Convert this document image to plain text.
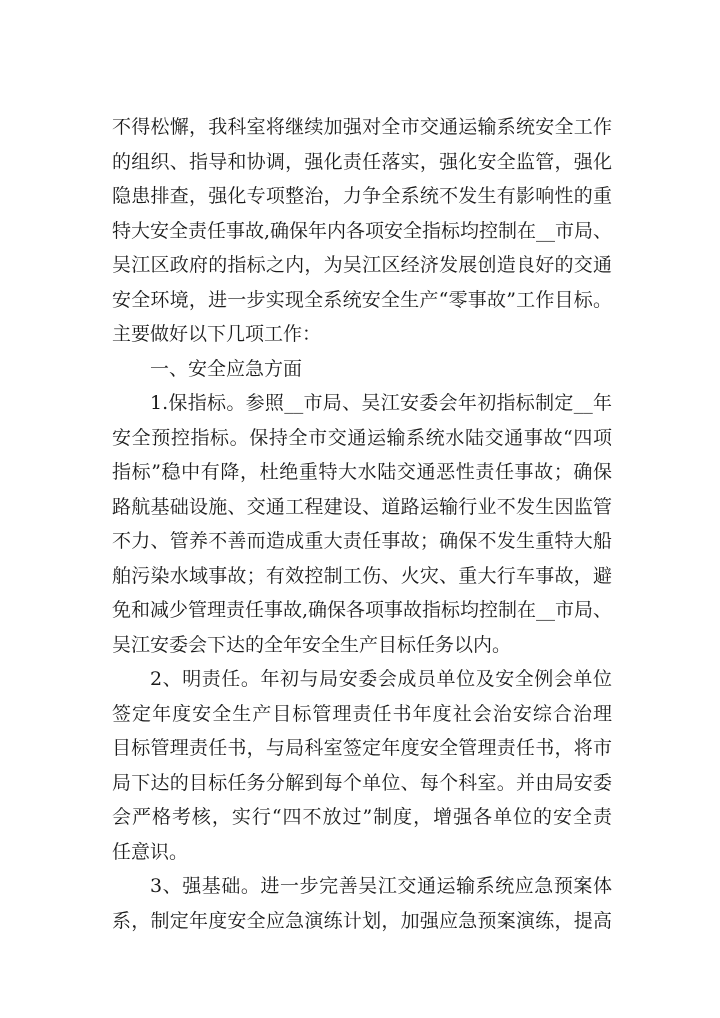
不得松懈，我科室将继续加强对全市交通运输系统安全工作
的组织、指导和协调，强化责任落实，强化安全监管，强化
隐患排查，强化专项整治，力争全系统不发生有影响性的重
特大安全责任事故,确保年内各项安全指标均控制在__市局、
吴江区政府的指标之内，为吴江区经济发展创造良好的交通
安全环境，进一步实现全系统安全生产“零事故”工作目标。
主要做好以下几项工作：
一、安全应急方面
1.保指标。参照__市局、吴江安委会年初指标制定__年
安全预控指标。保持全市交通运输系统水陆交通事故“四项
指标”稳中有降，杜绝重特大水陆交通恶性责任事故；确保
路航基础设施、交通工程建设、道路运输行业不发生因监管
不力、管养不善而造成重大责任事故；确保不发生重特大船
舶污染水域事故；有效控制工伤、火灾、重大行车事故，避
免和减少管理责任事故,确保各项事故指标均控制在__市局、
吴江安委会下达的全年安全生产目标任务以内。
2、明责任。年初与局安委会成员单位及安全例会单位
签定年度安全生产目标管理责任书年度社会治安综合治理
目标管理责任书，与局科室签定年度安全管理责任书，将市
局下达的目标任务分解到每个单位、每个科室。并由局安委
会严格考核，实行“四不放过”制度，增强各单位的安全责
任意识。
3、强基础。进一步完善吴江交通运输系统应急预案体
系，制定年度安全应急演练计划，加强应急预案演练，提高
